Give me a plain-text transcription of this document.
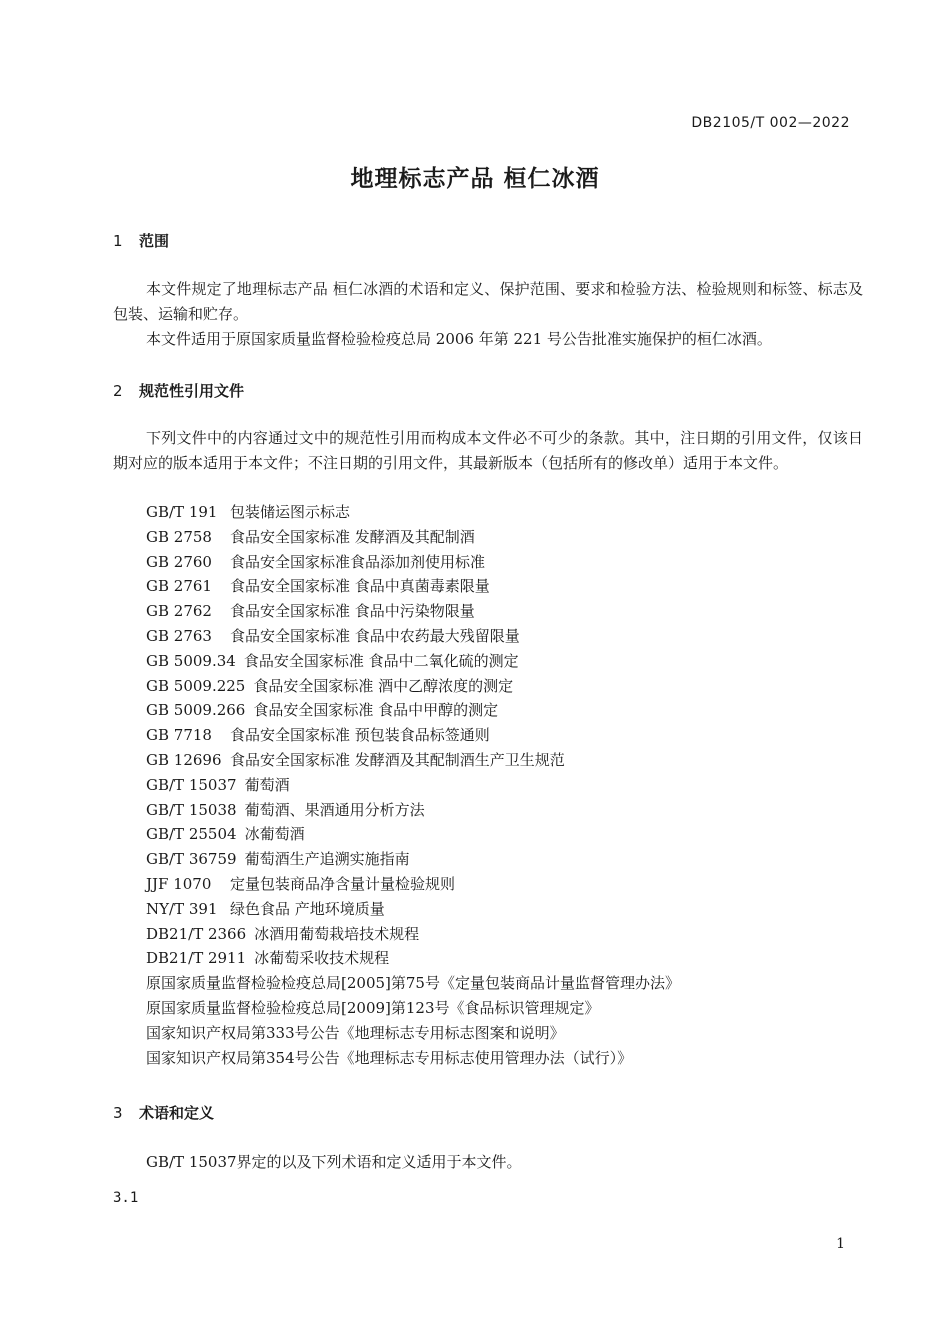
DB2105/T 002—2022
地理标志产品 桓仁冰酒
1 范围
本文件规定了地理标志产品 桓仁冰酒的术语和定义、保护范围、要求和检验方法、检验规则和标签、标志及包装、运输和贮存。
本文件适用于原国家质量监督检验检疫总局 2006 年第 221 号公告批准实施保护的桓仁冰酒。
2 规范性引用文件
下列文件中的内容通过文中的规范性引用而构成本文件必不可少的条款。其中，注日期的引用文件，仅该日期对应的版本适用于本文件；不注日期的引用文件，其最新版本（包括所有的修改单）适用于本文件。
GB/T 191 包装储运图示标志
GB 2758 食品安全国家标准 发酵酒及其配制酒
GB 2760 食品安全国家标准食品添加剂使用标准
GB 2761 食品安全国家标准 食品中真菌毒素限量
GB 2762 食品安全国家标准 食品中污染物限量
GB 2763 食品安全国家标准 食品中农药最大残留限量
GB 5009.34 食品安全国家标准 食品中二氧化硫的测定
GB 5009.225 食品安全国家标准 酒中乙醇浓度的测定
GB 5009.266 食品安全国家标准 食品中甲醇的测定
GB 7718 食品安全国家标准 预包装食品标签通则
GB 12696 食品安全国家标准 发酵酒及其配制酒生产卫生规范
GB/T 15037 葡萄酒
GB/T 15038 葡萄酒、果酒通用分析方法
GB/T 25504 冰葡萄酒
GB/T 36759 葡萄酒生产追溯实施指南
JJF 1070 定量包装商品净含量计量检验规则
NY/T 391 绿色食品 产地环境质量
DB21/T 2366 冰酒用葡萄栽培技术规程
DB21/T 2911 冰葡萄采收技术规程
原国家质量监督检验检疫总局[2005]第75号《定量包装商品计量监督管理办法》
原国家质量监督检验检疫总局[2009]第123号《食品标识管理规定》
国家知识产权局第333号公告《地理标志专用标志图案和说明》
国家知识产权局第354号公告《地理标志专用标志使用管理办法（试行）》
3 术语和定义
GB/T 15037界定的以及下列术语和定义适用于本文件。
3.1
1
